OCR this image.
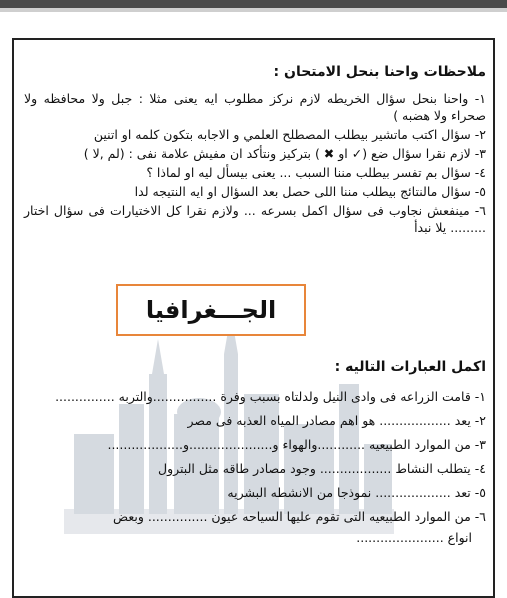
ملاحظات واحنا بنحل الامتحان :

١- واحنا بنحل سؤال الخريطه لازم نركز مطلوب ايه يعنى مثلا : جبل ولا محافظه ولا صحراء ولا هضبه )

٢- سؤال اكتب ماتشير بيطلب المصطلح العلمي و الاجابه بتكون كلمه او اتنين

٣- لازم نقرا سؤال ضع (✓ او ✖ ) بتركيز ونتأكد ان مفيش علامة نفى : (لم ,لا )

٤- سؤال بم تفسر بيطلب مننا السبب ... يعنى بيسأل ليه او لماذا ؟

٥- سؤال مالنتائج بيطلب مننا اللى حصل بعد السؤال او ايه النتيجه لدا

٦- مينفعش نجاوب فى سؤال اكمل بسرعه ... ولازم نقرا كل الاختيارات فى سؤال اختار ......... يلا نبدأ

الجـــغرافيا
اكمل العبارات التاليه :
١- قامت الزراعه فى وادى النيل ولدلتاه بسبب وفرة ................والتربه ...............
٢- يعد .................. هو اهم مصادر المياه العذبه فى مصر
٣- من الموارد الطبيعيه ............والهواء و.....................و...................
٤- يتطلب النشاط .................. وجود مصادر طاقه مثل البترول
٥- تعد ................... نموذجا من الانشطه البشريه
٦- من الموارد الطبيعيه التى تقوم عليها السياحه عيون ............... وبعض
انواع ......................
